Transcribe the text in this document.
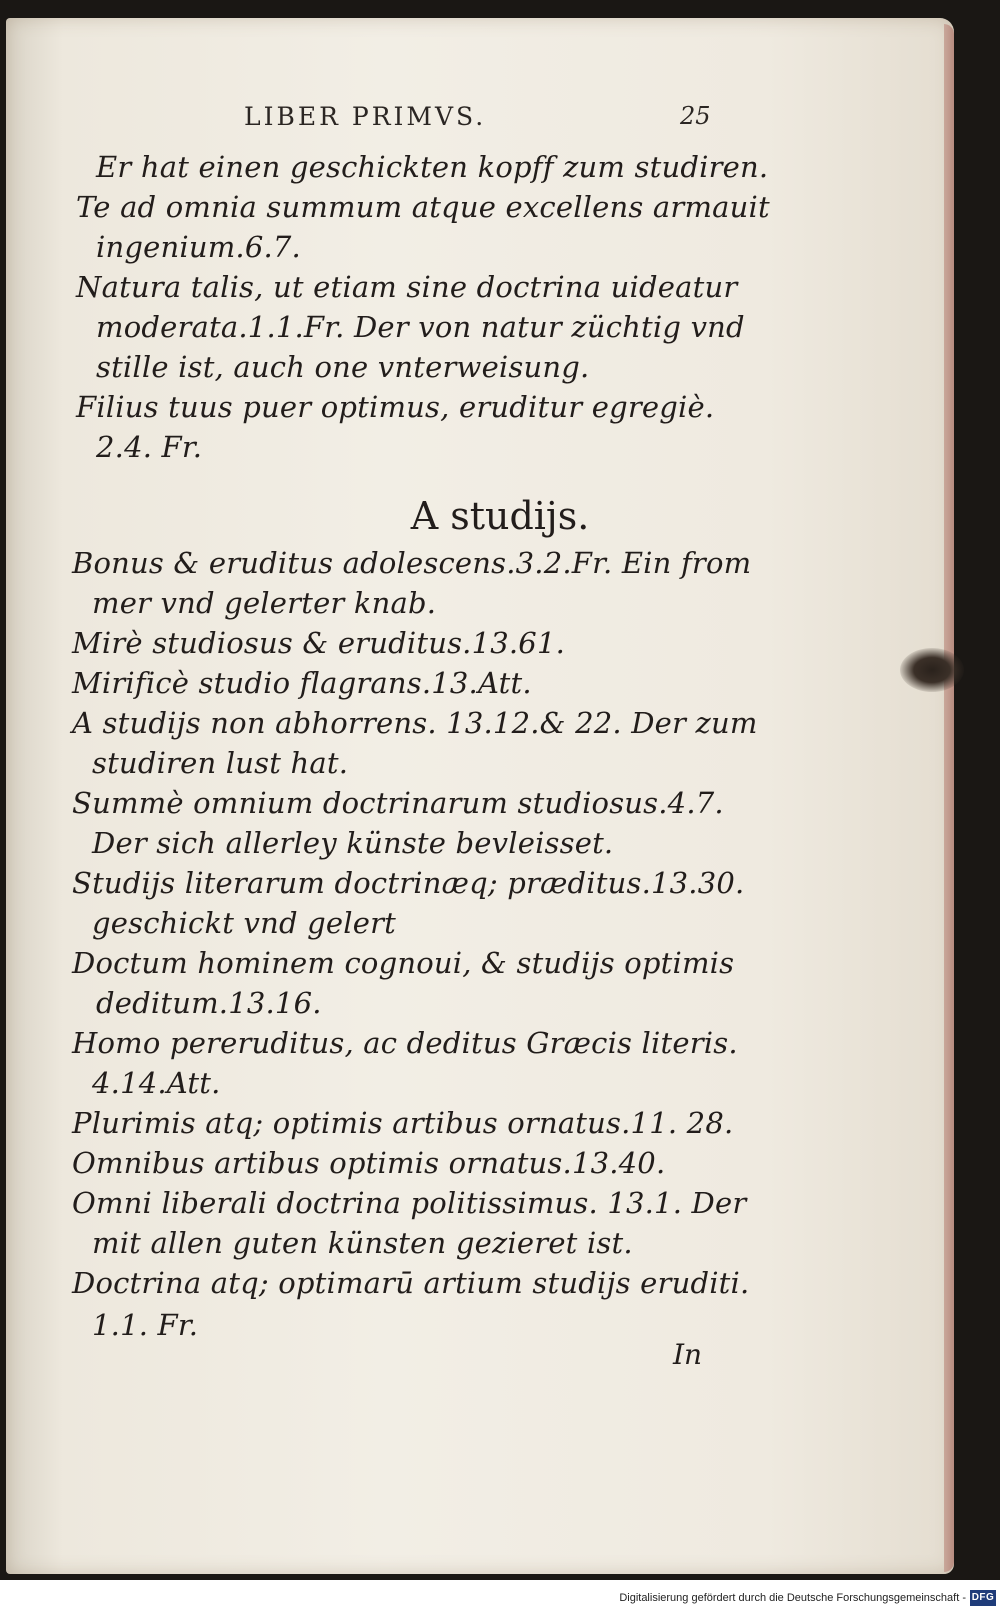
LIBER PRIMVS.	25
Er hat einen geschickten kopff zum studiren.
Te ad omnia summum atque excellens armauit
ingenium.6.7.
Natura talis, ut etiam sine doctrina uideatur
moderata.1.1.Fr. Der von natur züchtig vnd
stille ist, auch one vnterweisung.
Filius tuus puer optimus, eruditur egregiè.
2.4. Fr.
A studijs.
Bonus & eruditus adolescens.3.2.Fr. Ein from
mer vnd gelerter knab.
Mirè studiosus & eruditus.13.61.
Mirificè studio flagrans.13.Att.
A studijs non abhorrens. 13.12.& 22. Der zum
studiren lust hat.
Summè omnium doctrinarum studiosus.4.7.
Der sich allerley künste bevleisset.
Studijs literarum doctrinæq; præditus.13.30.
geschickt vnd gelert
Doctum hominem cognoui, & studijs optimis
deditum.13.16.
Homo pereruditus, ac deditus Græcis literis.
4.14.Att.
Plurimis atq; optimis artibus ornatus.11. 28.
Omnibus artibus optimis ornatus.13.40.
Omni liberali doctrina politissimus. 13.1. Der
mit allen guten künsten gezieret ist.
Doctrina atq; optimarū artium studijs eruditi.
1.1. Fr.
In
Digitalisierung gefördert durch die Deutsche Forschungsgemeinschaft - DFG
